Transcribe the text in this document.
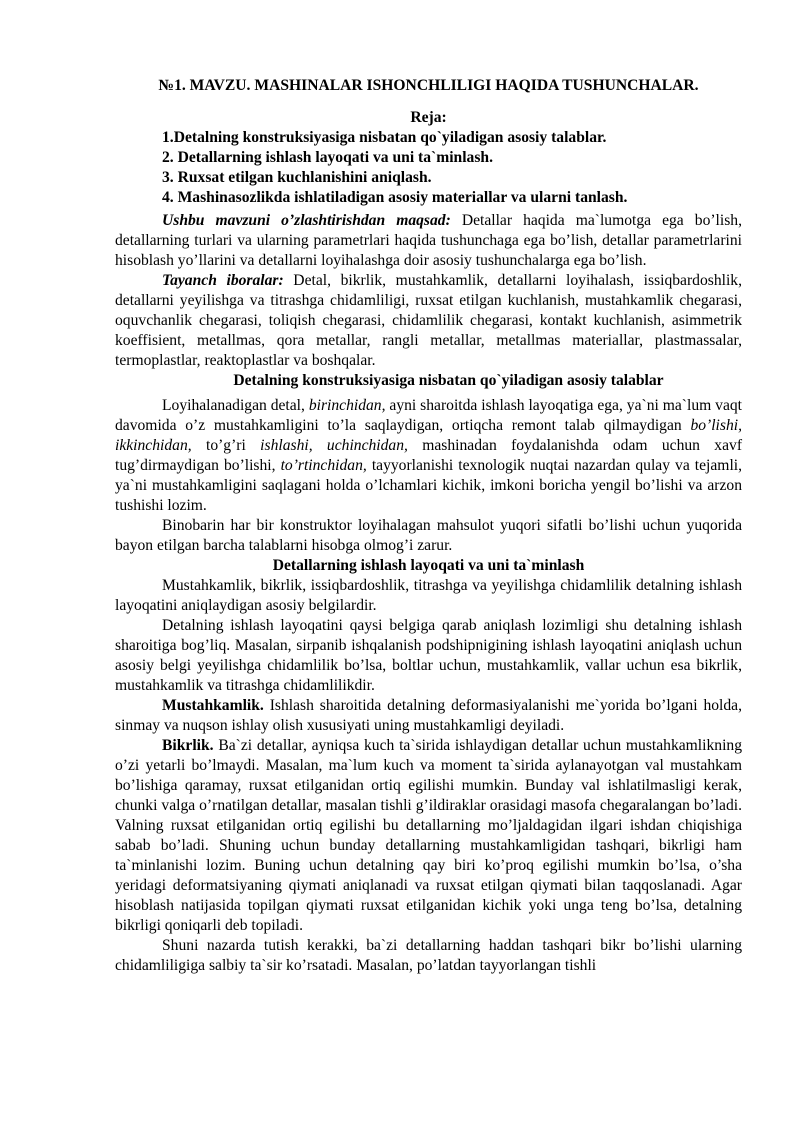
№1. MAVZU. MASHINALAR ISHONCHLILIGI HAQIDA TUSHUNCHALAR.
Reja:
1.Detalning konstruksiyasiga nisbatan qo`yiladigan asosiy talablar.
2. Detallarning ishlash layoqati va uni ta`minlash.
3. Ruxsat etilgan kuchlanishini aniqlash.
4. Mashinasozlikda ishlatiladigan asosiy materiallar va ularni tanlash.

Ushbu mavzuni o’zlashtirishdan maqsad: Detallar haqida ma`lumotga ega bo’lish, detallarning turlari va ularning parametrlari haqida tushunchaga ega bo’lish, detallar parametrlarini hisoblash yo’llarini va detallarni loyihalashga doir asosiy tushunchalarga ega bo’lish.

Tayanch iboralar: Detal, bikrlik, mustahkamlik, detallarni loyihalash, issiqbardoshlik, detallarni yeyilishga va titrashga chidamliligi, ruxsat etilgan kuchlanish, mustahkamlik chegarasi, oquvchanlik chegarasi, toliqish chegarasi, chidamlilik chegarasi, kontakt kuchlanish, asimmetrik koeffisient, metallmas, qora metallar, rangli metallar, metallmas materiallar, plastmassalar, termoplastlar, reaktoplastlar va boshqalar.

Detalning konstruksiyasiga nisbatan qo`yiladigan asosiy talablar

Loyihalanadigan detal, birinchidan, ayni sharoitda ishlash layoqatiga ega, ya`ni ma`lum vaqt davomida o’z mustahkamligini to’la saqlaydigan, ortiqcha remont talab qilmaydigan bo’lishi, ikkinchidan, to’g’ri ishlashi, uchinchidan, mashinadan foydalanishda odam uchun xavf tug’dirmaydigan bo’lishi, to’rtinchidan, tayyorlanishi texnologik nuqtai nazardan qulay va tejamli, ya`ni mustahkamligini saqlagani holda o’lchamlari kichik, imkoni boricha yengil bo’lishi va arzon tushishi lozim.

Binobarin har bir konstruktor loyihalagan mahsulot yuqori sifatli bo’lishi uchun yuqorida bayon etilgan barcha talablarni hisobga olmog’i zarur.

Detallarning ishlash layoqati va uni ta`minlash

Mustahkamlik, bikrlik, issiqbardoshlik, titrashga va yeyilishga chidamlilik detalning ishlash layoqatini aniqlaydigan asosiy belgilardir.

Detalning ishlash layoqatini qaysi belgiga qarab aniqlash lozimligi shu detalning ishlash sharoitiga bog’liq. Masalan, sirpanib ishqalanish podshipnigining ishlash layoqatini aniqlash uchun asosiy belgi yeyilishga chidamlilik bo’lsa, boltlar uchun, mustahkamlik, vallar uchun esa bikrlik, mustahkamlik va titrashga chidamlilikdir.

Mustahkamlik. Ishlash sharoitida detalning deformasiyalanishi me`yorida bo’lgani holda, sinmay va nuqson ishlay olish xususiyati uning mustahkamligi deyiladi.

Bikrlik. Ba`zi detallar, ayniqsa kuch ta`sirida ishlaydigan detallar uchun mustahkamlikning o’zi yetarli bo’lmaydi. Masalan, ma`lum kuch va moment ta`sirida aylanayotgan val mustahkam bo’lishiga qaramay, ruxsat etilganidan ortiq egilishi mumkin. Bunday val ishlatilmasligi kerak, chunki valga o’rnatilgan detallar, masalan tishli g’ildiraklar orasidagi masofa chegaralangan bo’ladi. Valning ruxsat etilganidan ortiq egilishi bu detallarning mo’ljaldagidan ilgari ishdan chiqishiga sabab bo’ladi. Shuning uchun bunday detallarning mustahkamligidan tashqari, bikrligi ham ta`minlanishi lozim. Buning uchun detalning qay biri ko’proq egilishi mumkin bo’lsa, o’sha yeridagi deformatsiyaning qiymati aniqlanadi va ruxsat etilgan qiymati bilan taqqoslanadi. Agar hisoblash natijasida topilgan qiymati ruxsat etilganidan kichik yoki unga teng bo’lsa, detalning bikrligi qoniqarli deb topiladi.

Shuni nazarda tutish kerakki, ba`zi detallarning haddan tashqari bikr bo’lishi ularning chidamliligiga salbiy ta`sir ko’rsatadi. Masalan, po’latdan tayyorlangan tishli
